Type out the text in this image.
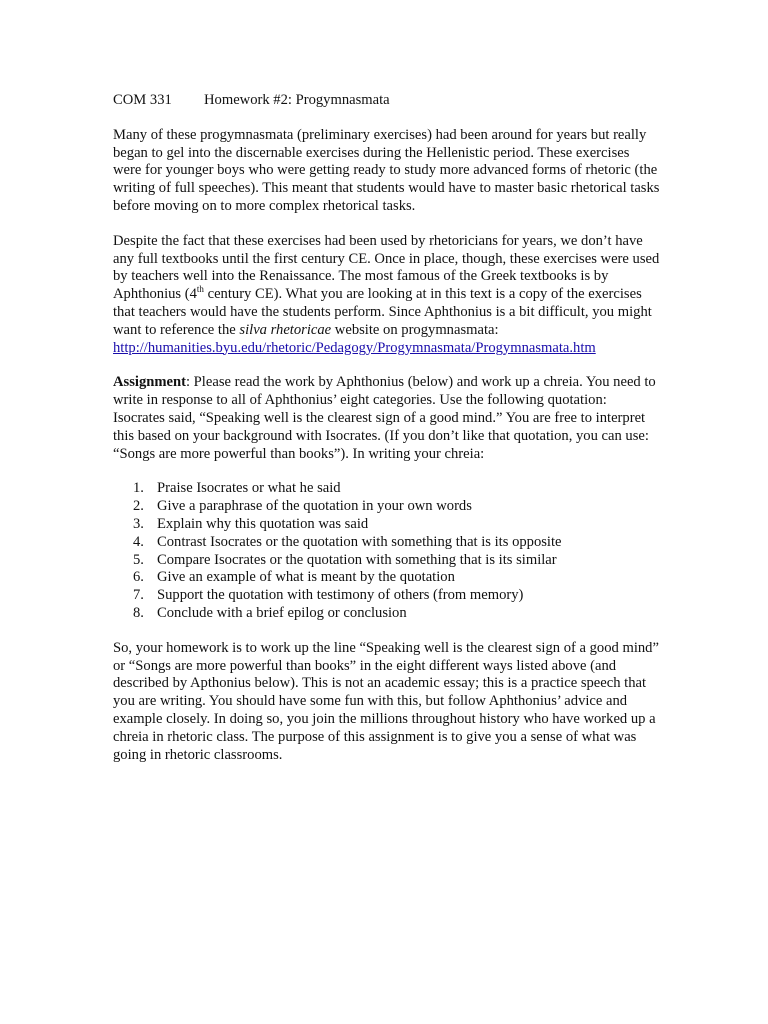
COM 331 Homework #2: Progymnasmata

Many of these progymnasmata (preliminary exercises) had been around for years but really began to gel into the discernable exercises during the Hellenistic period. These exercises were for younger boys who were getting ready to study more advanced forms of rhetoric (the writing of full speeches). This meant that students would have to master basic rhetorical tasks before moving on to more complex rhetorical tasks.

Despite the fact that these exercises had been used by rhetoricians for years, we don’t have any full textbooks until the first century CE. Once in place, though, these exercises were used by teachers well into the Renaissance. The most famous of the Greek textbooks is by Aphthonius (4th century CE). What you are looking at in this text is a copy of the exercises that teachers would have the students perform. Since Aphthonius is a bit difficult, you might want to reference the silva rhetoricae website on progymnasmata:
http://humanities.byu.edu/rhetoric/Pedagogy/Progymnasmata/Progymnasmata.htm

Assignment: Please read the work by Aphthonius (below) and work up a chreia. You need to write in response to all of Aphthonius’ eight categories. Use the following quotation: Isocrates said, “Speaking well is the clearest sign of a good mind.” You are free to interpret this based on your background with Isocrates. (If you don’t like that quotation, you can use: “Songs are more powerful than books”). In writing your chreia:

1. Praise Isocrates or what he said
2. Give a paraphrase of the quotation in your own words
3. Explain why this quotation was said
4. Contrast Isocrates or the quotation with something that is its opposite
5. Compare Isocrates or the quotation with something that is its similar
6. Give an example of what is meant by the quotation
7. Support the quotation with testimony of others (from memory)
8. Conclude with a brief epilog or conclusion

So, your homework is to work up the line “Speaking well is the clearest sign of a good mind” or “Songs are more powerful than books” in the eight different ways listed above (and described by Apthonius below). This is not an academic essay; this is a practice speech that you are writing. You should have some fun with this, but follow Aphthonius’ advice and example closely. In doing so, you join the millions throughout history who have worked up a chreia in rhetoric class. The purpose of this assignment is to give you a sense of what was going in rhetoric classrooms.
